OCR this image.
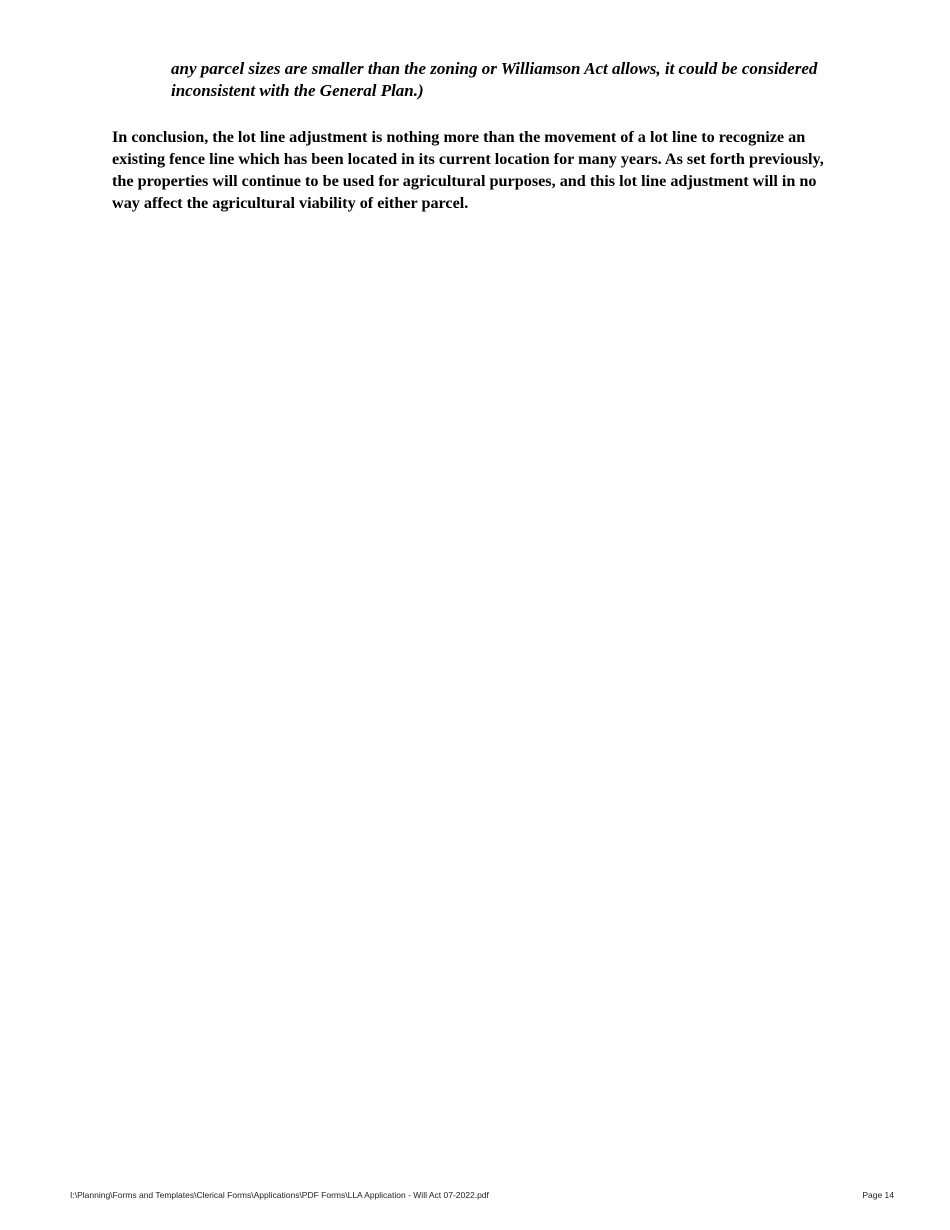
any parcel sizes are smaller than the zoning or Williamson Act allows, it could be considered inconsistent with the General Plan.)

In conclusion, the lot line adjustment is nothing more than the movement of a lot line to recognize an existing fence line which has been located in its current location for many years. As set forth previously, the properties will continue to be used for agricultural purposes, and this lot line adjustment will in no way affect the agricultural viability of either parcel.

I:\Planning\Forms and Templates\Clerical Forms\Applications\PDF Forms\LLA Application - Will Act 07-2022.pdf	Page 14
